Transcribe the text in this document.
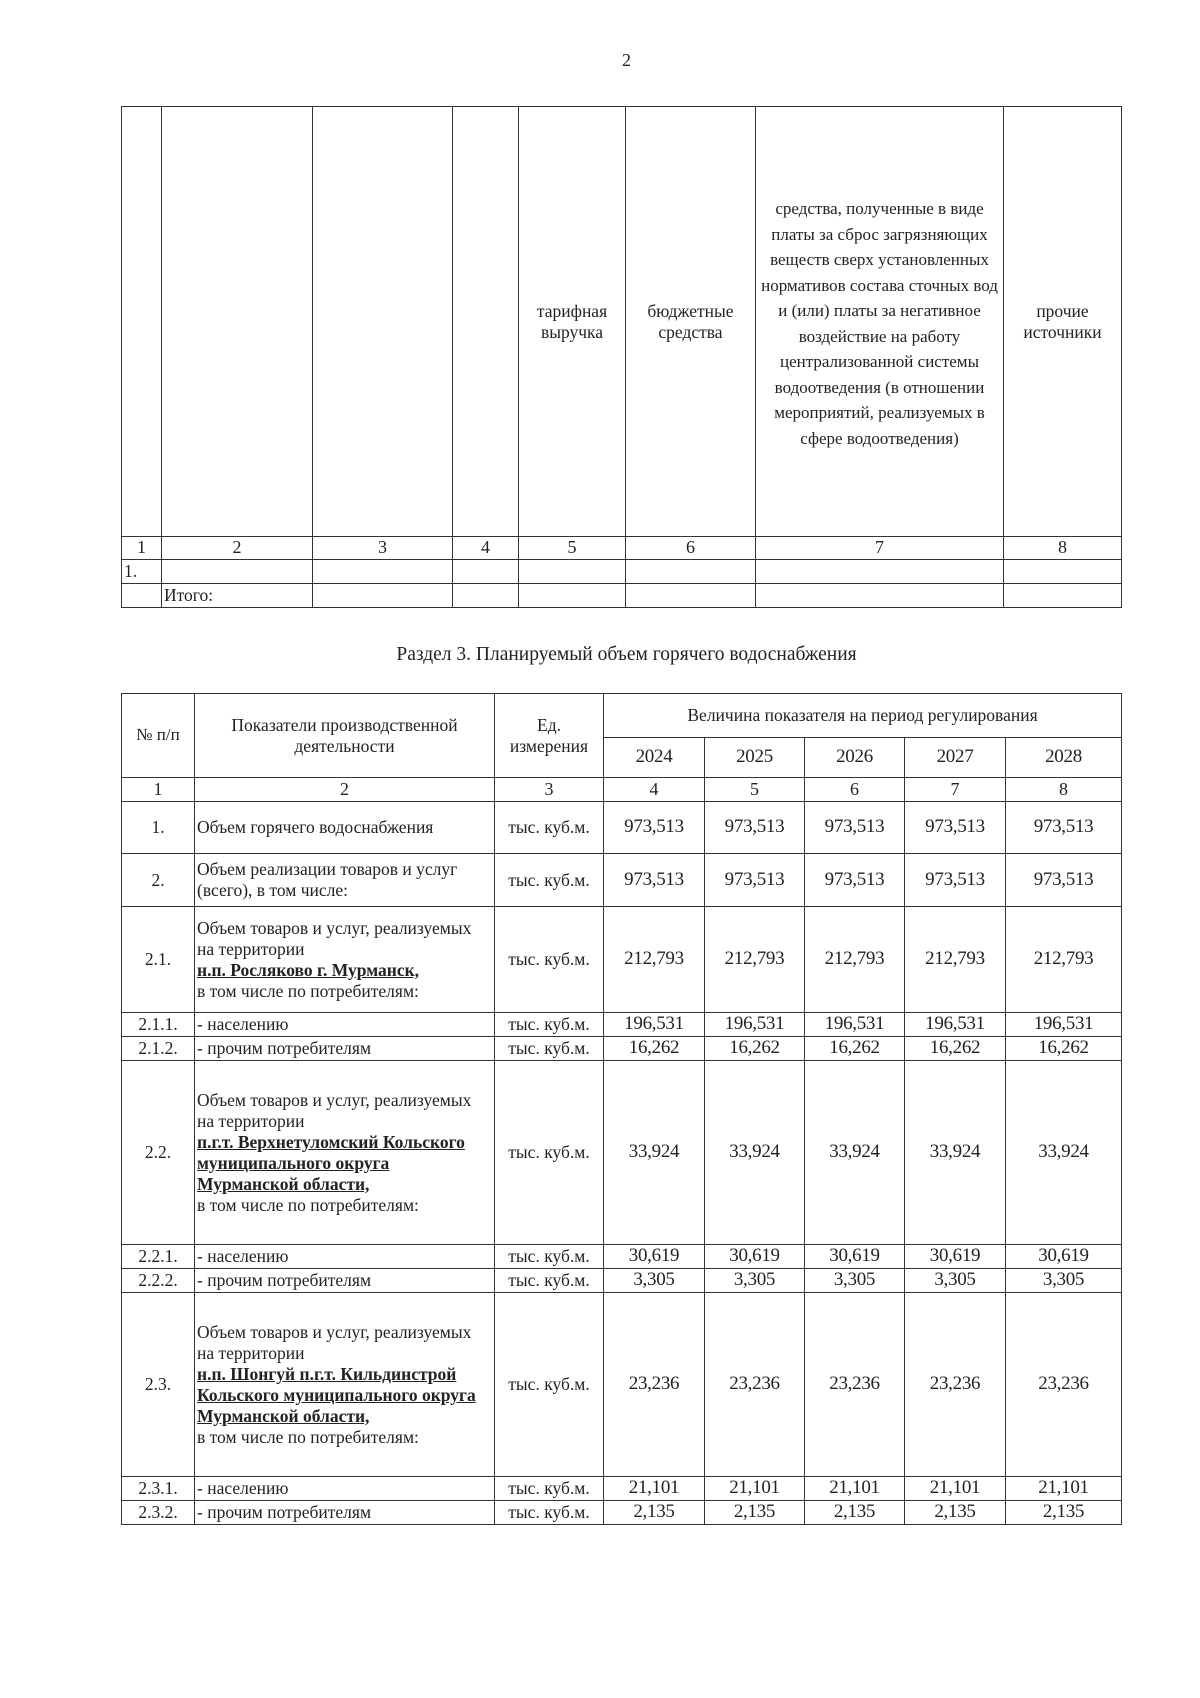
2
				тарифная выручка	бюджетные средства	средства, полученные в виде платы за сброс загрязняющих веществ сверх установленных нормативов состава сточных вод и (или) платы за негативное воздействие на работу централизованной системы водоотведения (в отношении мероприятий, реализуемых в сфере водоотведения)	прочие источники
1	2	3	4	5	6	7	8
1.							
	Итого:						
Раздел 3. Планируемый объем горячего водоснабжения
№ п/п	Показатели производственной деятельности	Ед. измерения	Величина показателя на период регулирования				
			2024	2025	2026	2027	2028
1	2	3	4	5	6	7	8
1.	Объем горячего водоснабжения	тыс. куб.м.	973,513	973,513	973,513	973,513	973,513
2.	Объем реализации товаров и услуг (всего), в том числе:	тыс. куб.м.	973,513	973,513	973,513	973,513	973,513
2.1.	Объем товаров и услуг, реализуемых на территории
н.п. Росляково г. Мурманск,
в том числе по потребителям:	тыс. куб.м.	212,793	212,793	212,793	212,793	212,793
2.1.1.	- населению	тыс. куб.м.	196,531	196,531	196,531	196,531	196,531
2.1.2.	- прочим потребителям	тыс. куб.м.	16,262	16,262	16,262	16,262	16,262
2.2.	Объем товаров и услуг, реализуемых на территории
п.г.т. Верхнетуломский Кольского муниципального округа Мурманской области,
в том числе по потребителям:	тыс. куб.м.	33,924	33,924	33,924	33,924	33,924
2.2.1.	- населению	тыс. куб.м.	30,619	30,619	30,619	30,619	30,619
2.2.2.	- прочим потребителям	тыс. куб.м.	3,305	3,305	3,305	3,305	3,305
2.3.	Объем товаров и услуг, реализуемых на территории
н.п. Шонгуй п.г.т. Кильдинстрой Кольского муниципального округа Мурманской области,
в том числе по потребителям:	тыс. куб.м.	23,236	23,236	23,236	23,236	23,236
2.3.1.	- населению	тыс. куб.м.	21,101	21,101	21,101	21,101	21,101
2.3.2.	- прочим потребителям	тыс. куб.м.	2,135	2,135	2,135	2,135	2,135
